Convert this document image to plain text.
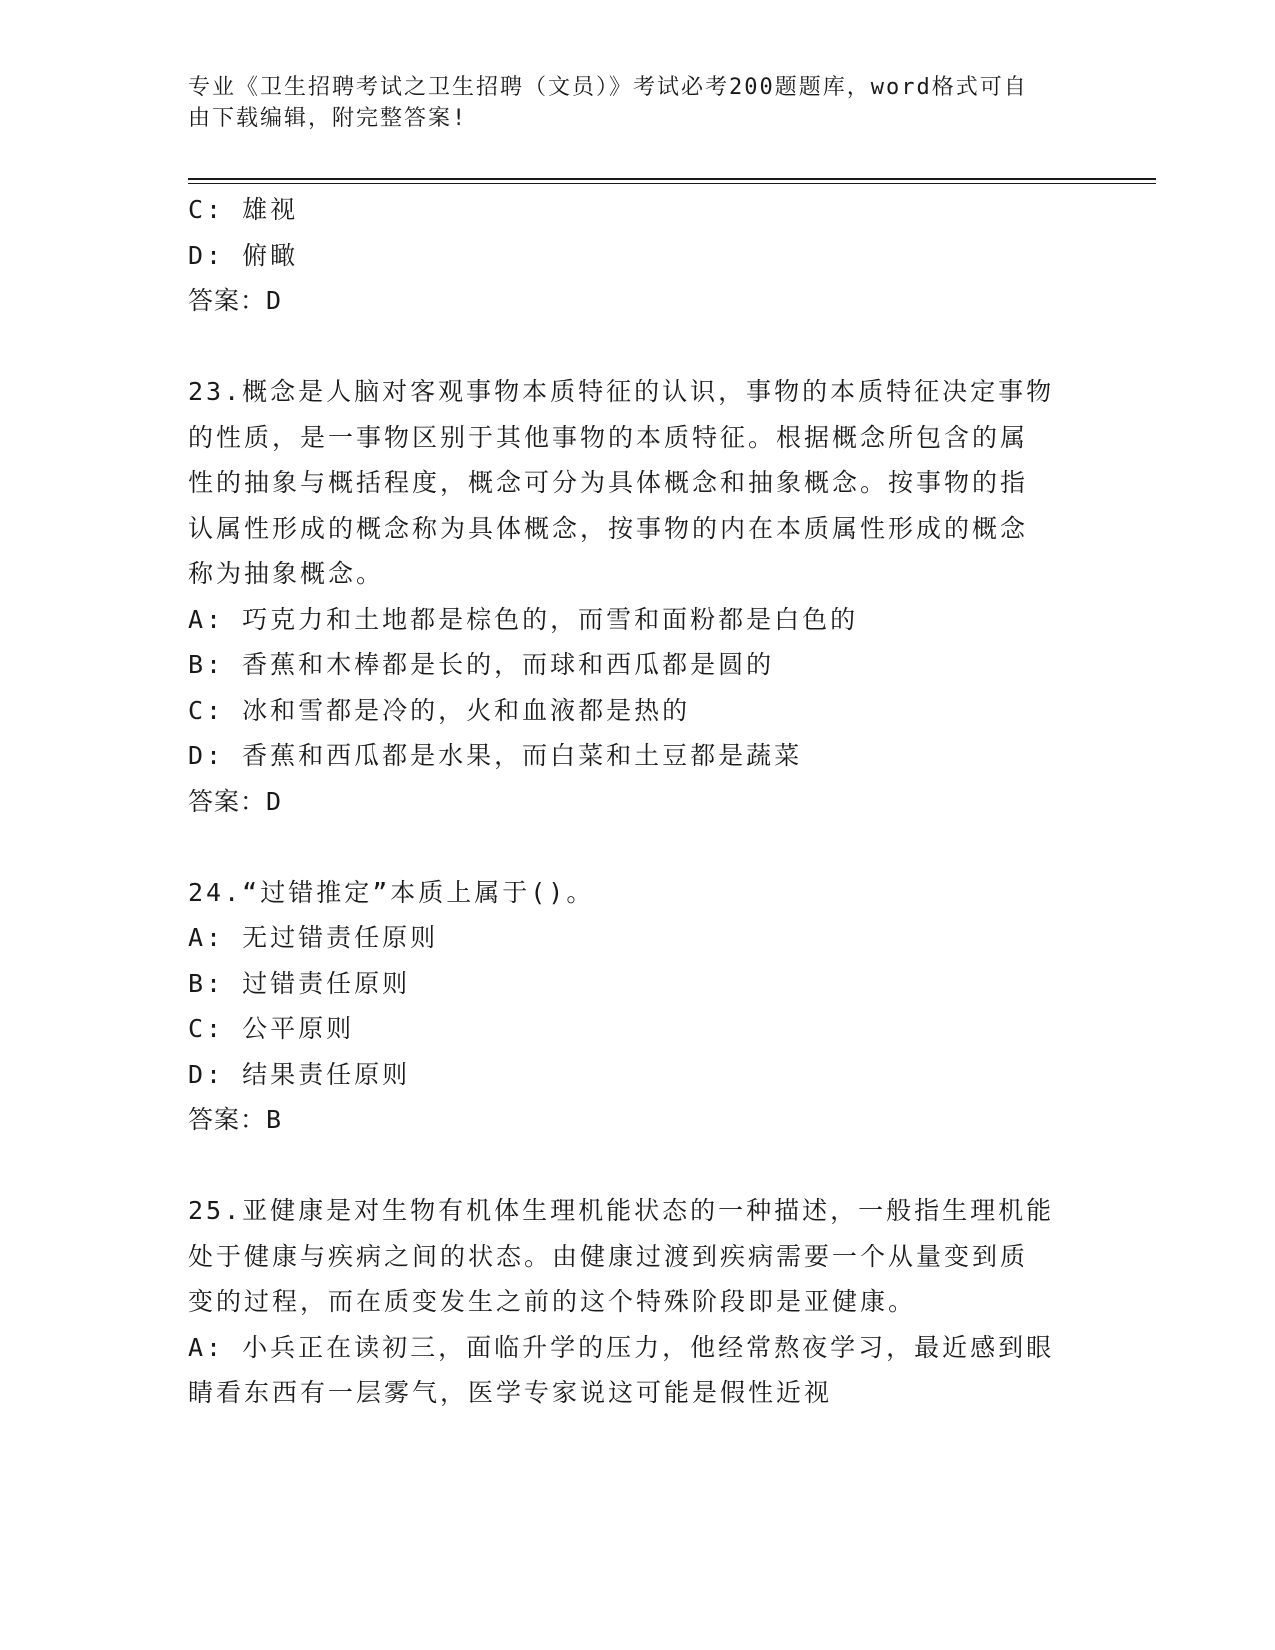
专业《卫生招聘考试之卫生招聘（文员）》考试必考200题题库，word格式可自
由下载编辑，附完整答案!
C: 雄视
D: 俯瞰
答案：D
23.概念是人脑对客观事物本质特征的认识，事物的本质特征决定事物
的性质，是一事物区别于其他事物的本质特征。根据概念所包含的属
性的抽象与概括程度，概念可分为具体概念和抽象概念。按事物的指
认属性形成的概念称为具体概念，按事物的内在本质属性形成的概念
称为抽象概念。
A: 巧克力和土地都是棕色的，而雪和面粉都是白色的
B: 香蕉和木棒都是长的，而球和西瓜都是圆的
C: 冰和雪都是冷的，火和血液都是热的
D: 香蕉和西瓜都是水果，而白菜和土豆都是蔬菜
答案：D
24.“过错推定”本质上属于()。
A: 无过错责任原则
B: 过错责任原则
C: 公平原则
D: 结果责任原则
答案：B
25.亚健康是对生物有机体生理机能状态的一种描述，一般指生理机能
处于健康与疾病之间的状态。由健康过渡到疾病需要一个从量变到质
变的过程，而在质变发生之前的这个特殊阶段即是亚健康。
A: 小兵正在读初三，面临升学的压力，他经常熬夜学习，最近感到眼
睛看东西有一层雾气，医学专家说这可能是假性近视
